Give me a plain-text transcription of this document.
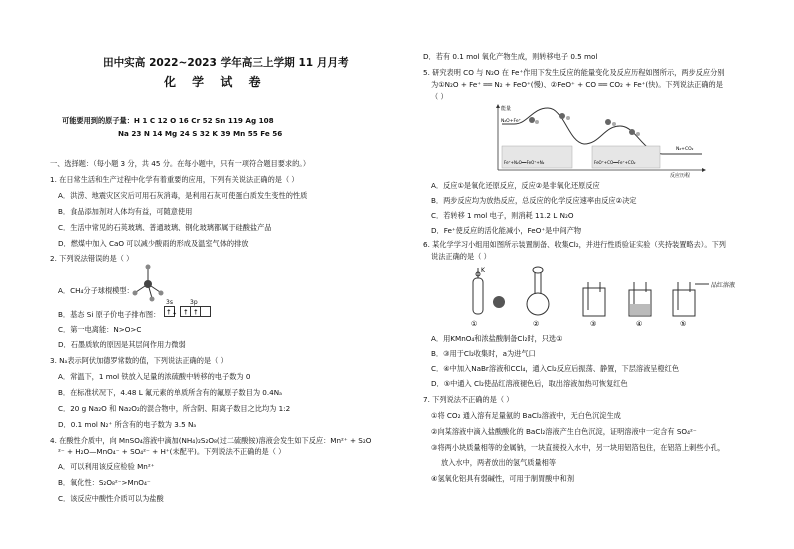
田中实高 2022~2023 学年高三上学期 11 月月考
化 学 试 卷
可能要用到的原子量：H 1 C 12 O 16 Cr 52 Sn 119 Ag 108
Na 23 N 14 Mg 24 S 32 K 39 Mn 55 Fe 56
一、选择题：（每小题 3 分，共 45 分。在每小题中，只有一项符合题目要求的。）
1. 在日常生活和生产过程中化学有着重要的应用，下列有关说法正确的是（ ）
A．洪涝、地震灾区灾后可用石灰消毒，是利用石灰可使蛋白质发生变性的性质
B．食品添加剂对人体均有益，可随意使用
C．生活中常见的石英玻璃、普通玻璃、钢化玻璃都属于硅酸盐产品
D．燃煤中加入 CaO 可以减少酸雨的形成及温室气体的排放
2. 下列说法错误的是（ ）
A．CH₄分子球棍模型：
3s	3p
↑↓ ↑ ↑
B．基态 Si 原子价电子排布图：
C．第一电离能：N>O>C
D．石墨质软的原因是其层间作用力微弱
3. Nₐ表示阿伏加德罗常数的值，下列说法正确的是（ ）
A．常温下，1 mol 铁放入足量的浓硫酸中转移的电子数为 0
B．在标准状况下，4.48 L 氟元素的单质所含有的氟原子数目为 0.4Nₐ
C．20 g Na₂O 和 Na₂O₂的混合物中，所含阴、阳离子数目之比均为 1:2
D．0.1 mol N₂⁺ 所含有的电子数为 3.5 Nₐ
4. 在酸性介质中，向 MnSO₄溶液中滴加(NH₄)₂S₂O₈(过二硫酸铵)溶液会发生如下反应：Mn²⁺ + S₂O
²⁻ + H₂O—MnO₄⁻ + SO₄²⁻ + H⁺(未配平)。下列说法不正确的是（ ）
A．可以利用该反应检验 Mn²⁺
B．氧化性：S₂O₈²⁻>MnO₄⁻
C．该反应中酸性介质可以为盐酸
D．若有 0.1 mol 氧化产物生成，则转移电子 0.5 mol
5. 研究表明 CO 与 N₂O 在 Fe⁺作用下发生反应的能量变化及反应历程如图所示，两步反应分别
为①N₂O + Fe⁺ ══ N₂ + FeO⁺(慢)、②FeO⁺ + CO ══ CO₂ + Fe⁺(快)。下列说法正确的是
（ ）
能量
反应历程
N₂O+Fe⁺
Fe⁺+N₂O══FeO⁺+N₂	FeO⁺+CO══Fe⁺+CO₂
N₂+CO₂
A．反应①是氧化还原反应，反应②是非氧化还原反应
B．两步反应均为放热反应，总反应的化学反应速率由反应②决定
C．若转移 1 mol 电子，则消耗 11.2 L N₂O
D．Fe⁺使反应的活化能减小，FeO⁺是中间产物
6. 某化学学习小组用如图所示装置制备、收集Cl₂，并进行性质验证实验（夹持装置略去）。下列
说法正确的是（ ）
K
品红溶液
①	②	③	④	⑤
A．用KMnO₄和浓盐酸制备Cl₂时，只选①
B．③用于Cl₂收集时，a为进气口
C．④中加入NaBr溶液和CCl₄，通入Cl₂反应后振荡、静置，下层溶液呈橙红色
D．⑤中通入 Cl₂使品红溶液褪色后，取出溶液加热可恢复红色
7. 下列说法不正确的是（ ）
①将 CO₂ 通入溶有足量氨的 BaCl₂溶液中，无白色沉淀生成
②向某溶液中滴入盐酸酸化的 BaCl₂溶液产生白色沉淀，证明溶液中一定含有 SO₄²⁻
③将两小块质量相等的金属钠，一块直接投入水中，另一块用铝箔包住，在铝箔上刺些小孔，
放入水中，两者放出的氢气质量相等
④氢氧化铝具有弱碱性，可用于制胃酸中和剂
